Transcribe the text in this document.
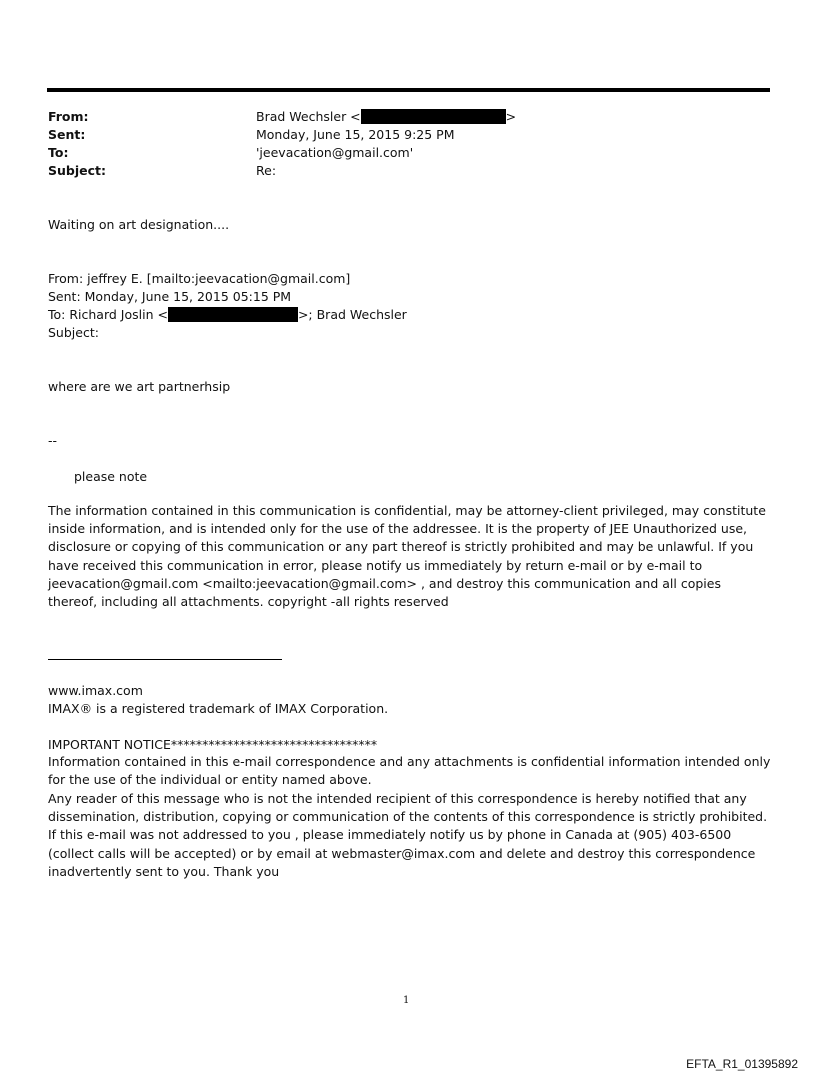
From:	Brad Wechsler <	>
Sent:	Monday, June 15, 2015 9:25 PM
To:	'jeevacation@gmail.com'
Subject:	Re:
Waiting on art designation....
From: jeffrey E. [mailto:jeevacation@gmail.com]
Sent: Monday, June 15, 2015 05:15 PM
To: Richard Joslin <	>; Brad Wechsler
Subject:
where are we art partnerhsip
--
please note
The information contained in this communication is confidential, may be attorney-client privileged, may constitute inside information, and is intended only for the use of the addressee. It is the property of JEE Unauthorized use, disclosure or copying of this communication or any part thereof is strictly prohibited and may be unlawful. If you have received this communication in error, please notify us immediately by return e-mail or by e-mail to jeevacation@gmail.com <mailto:jeevacation@gmail.com> , and destroy this communication and all copies thereof, including all attachments. copyright -all rights reserved
www.imax.com
IMAX® is a registered trademark of IMAX Corporation.
IMPORTANT NOTICE*********************************
Information contained in this e-mail correspondence and any attachments is confidential information intended only for the use of the individual or entity named above.
Any reader of this message who is not the intended recipient of this correspondence is hereby notified that any dissemination, distribution, copying or communication of the contents of this correspondence is strictly prohibited. If this e-mail was not addressed to you , please immediately notify us by phone in Canada at (905) 403-6500 (collect calls will be accepted) or by email at webmaster@imax.com and delete and destroy this correspondence inadvertently sent to you. Thank you
1
EFTA_R1_01395892
